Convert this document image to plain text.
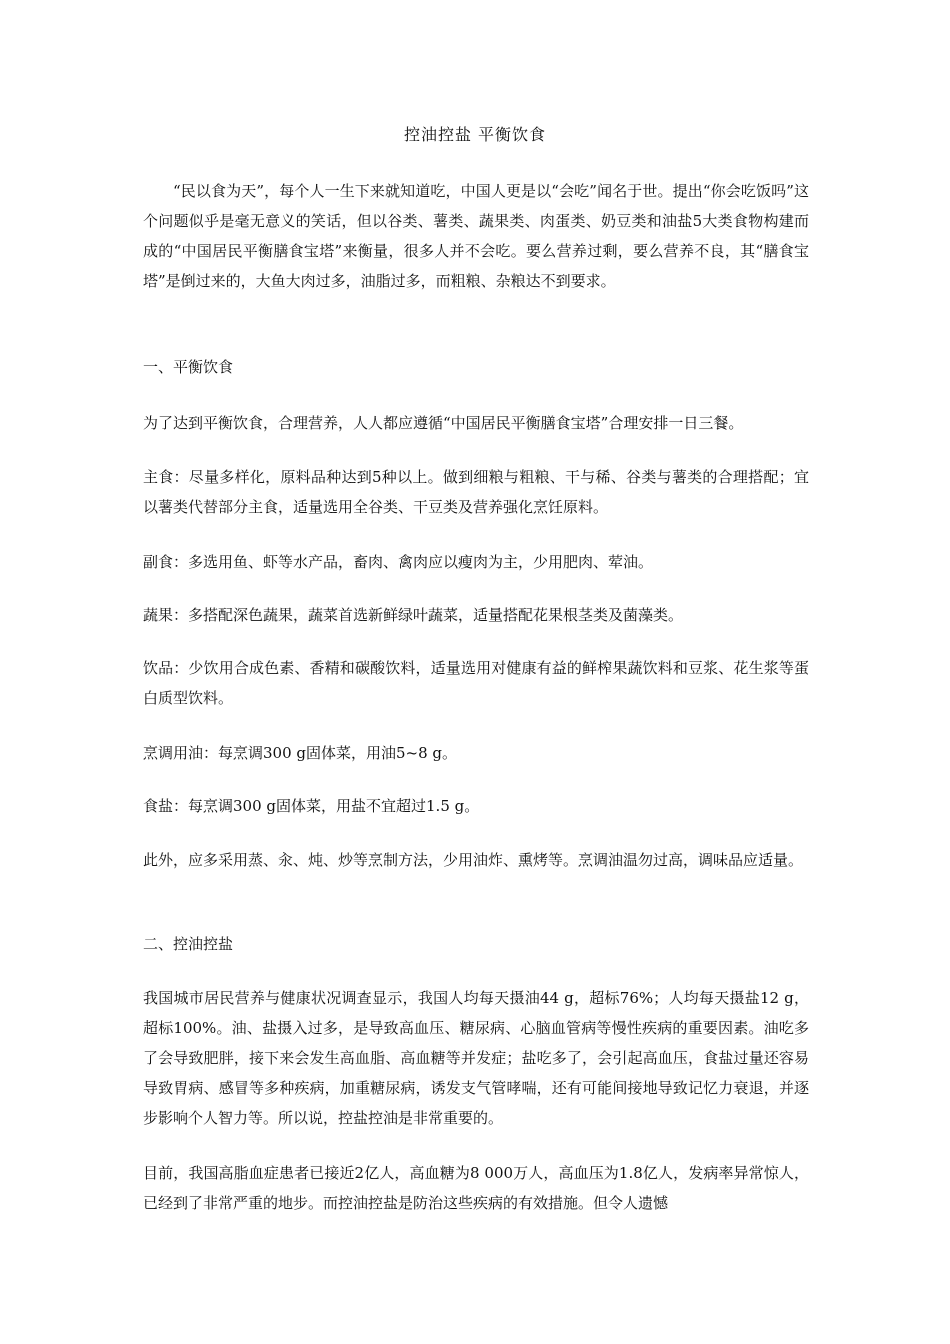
控油控盐 平衡饮食

“民以食为天”，每个人一生下来就知道吃，中国人更是以“会吃”闻名于世。提出“你会吃饭吗”这个问题似乎是毫无意义的笑话，但以谷类、薯类、蔬果类、肉蛋类、奶豆类和油盐5大类食物构建而成的“中国居民平衡膳食宝塔”来衡量，很多人并不会吃。要么营养过剩，要么营养不良，其“膳食宝塔”是倒过来的，大鱼大肉过多，油脂过多，而粗粮、杂粮达不到要求。

一、平衡饮食

为了达到平衡饮食，合理营养，人人都应遵循“中国居民平衡膳食宝塔”合理安排一日三餐。

主食：尽量多样化，原料品种达到5种以上。做到细粮与粗粮、干与稀、谷类与薯类的合理搭配；宜以薯类代替部分主食，适量选用全谷类、干豆类及营养强化烹饪原料。

副食：多选用鱼、虾等水产品，畜肉、禽肉应以瘦肉为主，少用肥肉、荤油。

蔬果：多搭配深色蔬果，蔬菜首选新鲜绿叶蔬菜，适量搭配花果根茎类及菌藻类。

饮品：少饮用合成色素、香精和碳酸饮料，适量选用对健康有益的鲜榨果蔬饮料和豆浆、花生浆等蛋白质型饮料。

烹调用油：每烹调300 g固体菜，用油5~8 g。

食盐：每烹调300 g固体菜，用盐不宜超过1.5 g。

此外，应多采用蒸、汆、炖、炒等烹制方法，少用油炸、熏烤等。烹调油温勿过高，调味品应适量。

二、控油控盐

我国城市居民营养与健康状况调查显示，我国人均每天摄油44 g，超标76%；人均每天摄盐12 g，超标100%。油、盐摄入过多，是导致高血压、糖尿病、心脑血管病等慢性疾病的重要因素。油吃多了会导致肥胖，接下来会发生高血脂、高血糖等并发症；盐吃多了，会引起高血压，食盐过量还容易导致胃病、感冒等多种疾病，加重糖尿病，诱发支气管哮喘，还有可能间接地导致记忆力衰退，并逐步影响个人智力等。所以说，控盐控油是非常重要的。

目前，我国高脂血症患者已接近2亿人，高血糖为8 000万人，高血压为1.8亿人，发病率异常惊人，已经到了非常严重的地步。而控油控盐是防治这些疾病的有效措施。但令人遗憾
